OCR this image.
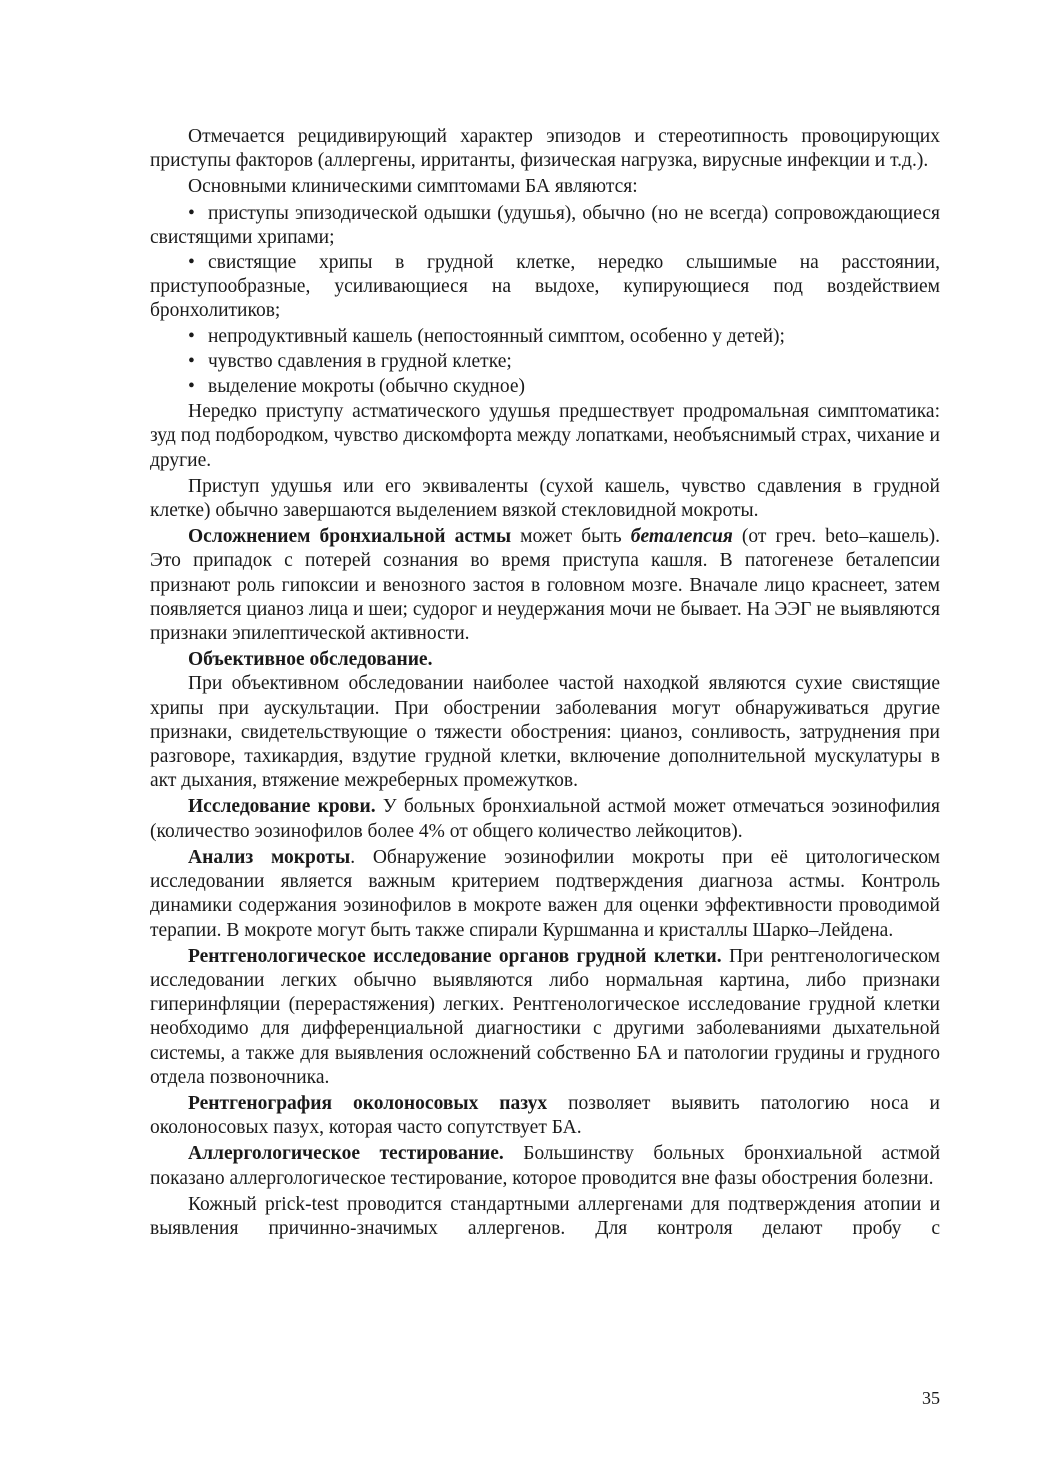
Отмечается рецидивирующий характер эпизодов и стереотипность провоцирующих приступы факторов (аллергены, ирританты, физическая нагрузка, вирусные инфекции и т.д.).

Основными клиническими симптомами БА являются:

• приступы эпизодической одышки (удушья), обычно (но не всегда) сопровождающиеся свистящими хрипами;

• свистящие хрипы в грудной клетке, нередко слышимые на расстоянии, приступообразные, усиливающиеся на выдохе, купирующиеся под воздействием бронхолитиков;

• непродуктивный кашель (непостоянный симптом, особенно у детей);

• чувство сдавления в грудной клетке;

• выделение мокроты (обычно скудное)

Нередко приступу астматического удушья предшествует продромальная симптоматика: зуд под подбородком, чувство дискомфорта между лопатками, необъяснимый страх, чихание и другие.

Приступ удушья или его эквиваленты (сухой кашель, чувство сдавления в грудной клетке) обычно завершаются выделением вязкой стекловидной мокроты.

Осложнением бронхиальной астмы может быть беталепсия (от греч. beto–кашель). Это припадок с потерей сознания во время приступа кашля. В патогенезе беталепсии признают роль гипоксии и венозного застоя в головном мозге. Вначале лицо краснеет, затем появляется цианоз лица и шеи; судорог и неудержания мочи не бывает. На ЭЭГ не выявляются признаки эпилептической активности.

Объективное обследование.

При объективном обследовании наиболее частой находкой являются сухие свистящие хрипы при аускультации. При обострении заболевания могут обнаруживаться другие признаки, свидетельствующие о тяжести обострения: цианоз, сонливость, затруднения при разговоре, тахикардия, вздутие грудной клетки, включение дополнительной мускулатуры в акт дыхания, втяжение межреберных промежутков.

Исследование крови. У больных бронхиальной астмой может отмечаться эозинофилия (количество эозинофилов более 4% от общего количество лейкоцитов).

Анализ мокроты. Обнаружение эозинофилии мокроты при её цитологическом исследовании является важным критерием подтверждения диагноза астмы. Контроль динамики содержания эозинофилов в мокроте важен для оценки эффективности проводимой терапии. В мокроте могут быть также спирали Куршманна и кристаллы Шарко–Лейдена.

Рентгенологическое исследование органов грудной клетки. При рентгенологическом исследовании легких обычно выявляются либо нормальная картина, либо признаки гиперинфляции (перерастяжения) легких. Рентгенологическое исследование грудной клетки необходимо для дифференциальной диагностики с другими заболеваниями дыхательной системы, а также для выявления осложнений собственно БА и патологии грудины и грудного отдела позвоночника.

Рентгенография околоносовых пазух позволяет выявить патологию носа и околоносовых пазух, которая часто сопутствует БА.

Аллергологическое тестирование. Большинству больных бронхиальной астмой показано аллергологическое тестирование, которое проводится вне фазы обострения болезни.

Кожный prick-test проводится стандартными аллергенами для подтверждения атопии и выявления причинно-значимых аллергенов. Для контроля делают пробу с

35
